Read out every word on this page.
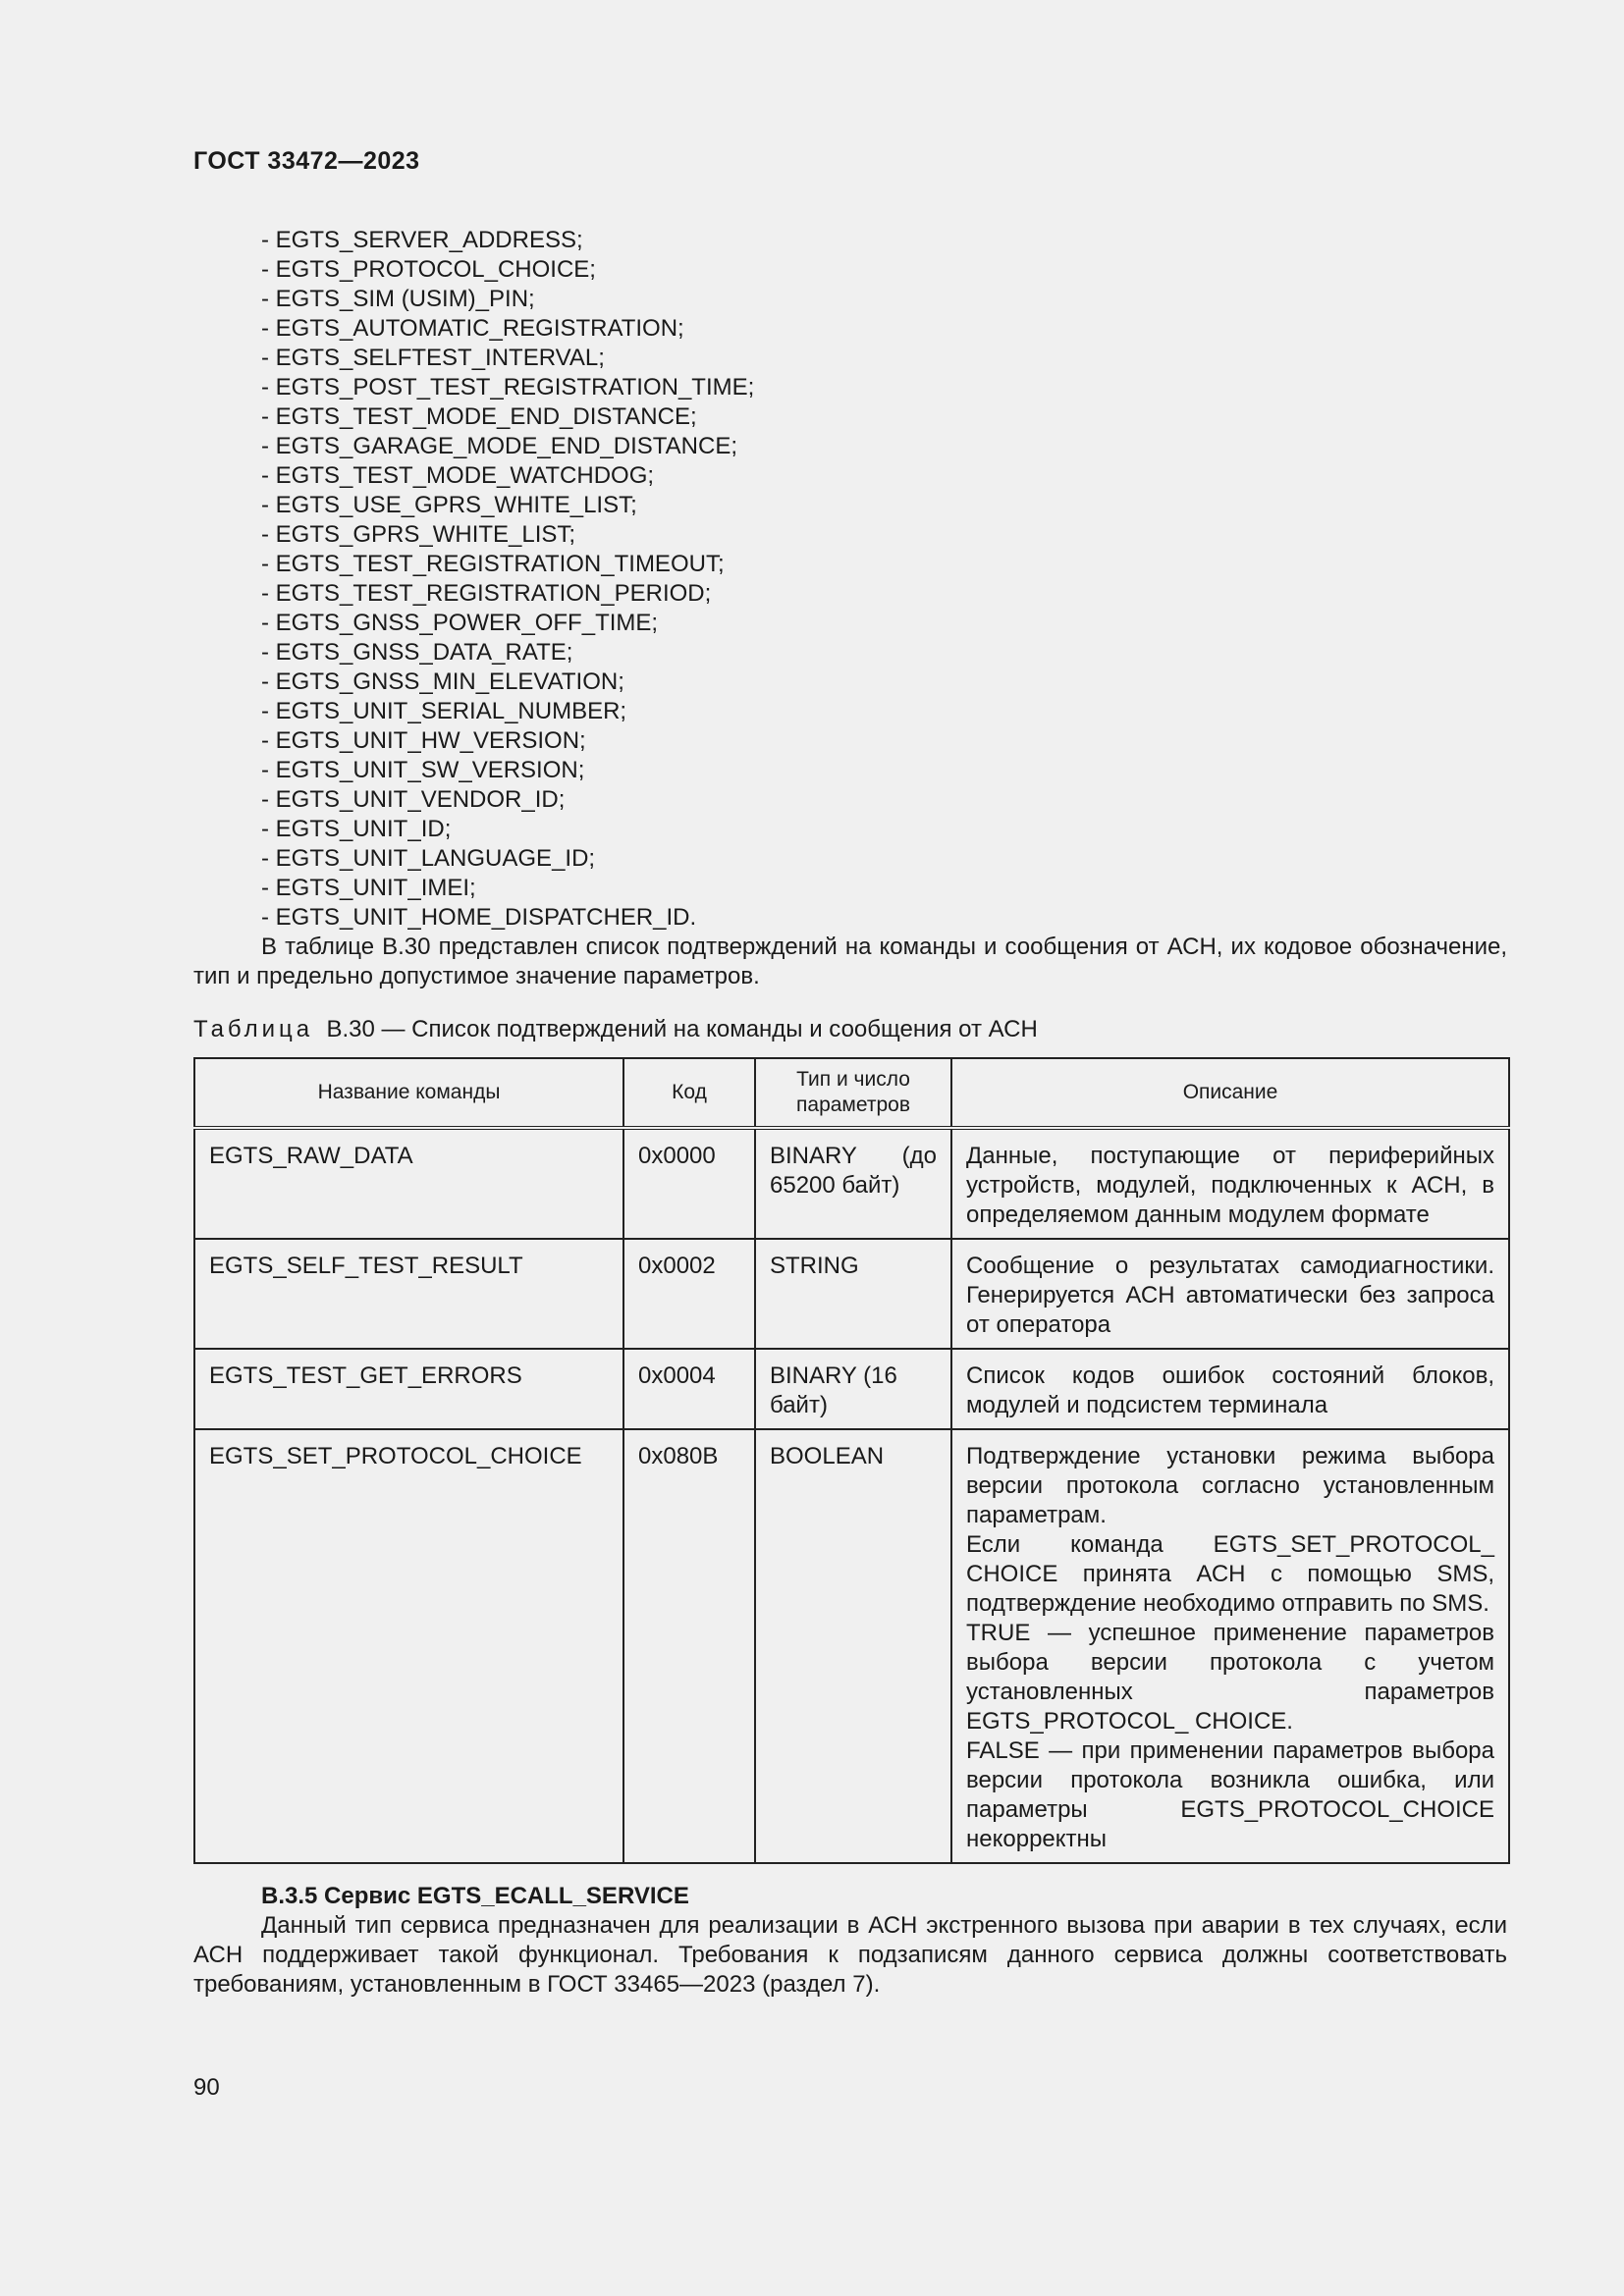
ГОСТ 33472—2023
- EGTS_SERVER_ADDRESS;
- EGTS_PROTOCOL_CHOICE;
- EGTS_SIM (USIM)_PIN;
- EGTS_AUTOMATIC_REGISTRATION;
- EGTS_SELFTEST_INTERVAL;
- EGTS_POST_TEST_REGISTRATION_TIME;
- EGTS_TEST_MODE_END_DISTANCE;
- EGTS_GARAGE_MODE_END_DISTANCE;
- EGTS_TEST_MODE_WATCHDOG;
- EGTS_USE_GPRS_WHITE_LIST;
- EGTS_GPRS_WHITE_LIST;
- EGTS_TEST_REGISTRATION_TIMEOUT;
- EGTS_TEST_REGISTRATION_PERIOD;
- EGTS_GNSS_POWER_OFF_TIME;
- EGTS_GNSS_DATA_RATE;
- EGTS_GNSS_MIN_ELEVATION;
- EGTS_UNIT_SERIAL_NUMBER;
- EGTS_UNIT_HW_VERSION;
- EGTS_UNIT_SW_VERSION;
- EGTS_UNIT_VENDOR_ID;
- EGTS_UNIT_ID;
- EGTS_UNIT_LANGUAGE_ID;
- EGTS_UNIT_IMEI;
- EGTS_UNIT_HOME_DISPATCHER_ID.

В таблице В.30 представлен список подтверждений на команды и сообщения от АСН, их кодовое обозначение, тип и предельно допустимое значение параметров.

Таблица В.30 — Список подтверждений на команды и сообщения от АСН
Название команды	Код	Тип и число параметров	Описание
EGTS_RAW_DATA	0x0000	BINARY (до 65200 байт)	Данные, поступающие от периферийных устройств, модулей, подключенных к АСН, в определяемом данным модулем формате

EGTS_SELF_TEST_RESULT	0x0002	STRING	Сообщение о результатах самодиагностики. Генерируется АСН автоматически без запроса от оператора

EGTS_TEST_GET_ERRORS	0x0004	BINARY (16 байт)	Список кодов ошибок состояний блоков, модулей и подсистем терминала

EGTS_SET_PROTOCOL_CHOICE	0x080B	BOOLEAN	Подтверждение установки режима выбора версии протокола согласно установленным параметрам.

Если команда EGTS_SET_PROTOCOL_ CHOICE принята АСН с помощью SMS, подтверждение необходимо отправить по SMS.

TRUE — успешное применение параметров выбора версии протокола с учетом установленных параметров EGTS_PROTOCOL_ CHOICE.

FALSE — при применении параметров выбора версии протокола возникла ошибка, или параметры EGTS_PROTOCOL_CHOICE некорректны

В.3.5 Сервис EGTS_ECALL_SERVICE

Данный тип сервиса предназначен для реализации в АСН экстренного вызова при аварии в тех случаях, если АСН поддерживает такой функционал. Требования к подзаписям данного сервиса должны соответствовать требованиям, установленным в ГОСТ 33465—2023 (раздел 7).

90
